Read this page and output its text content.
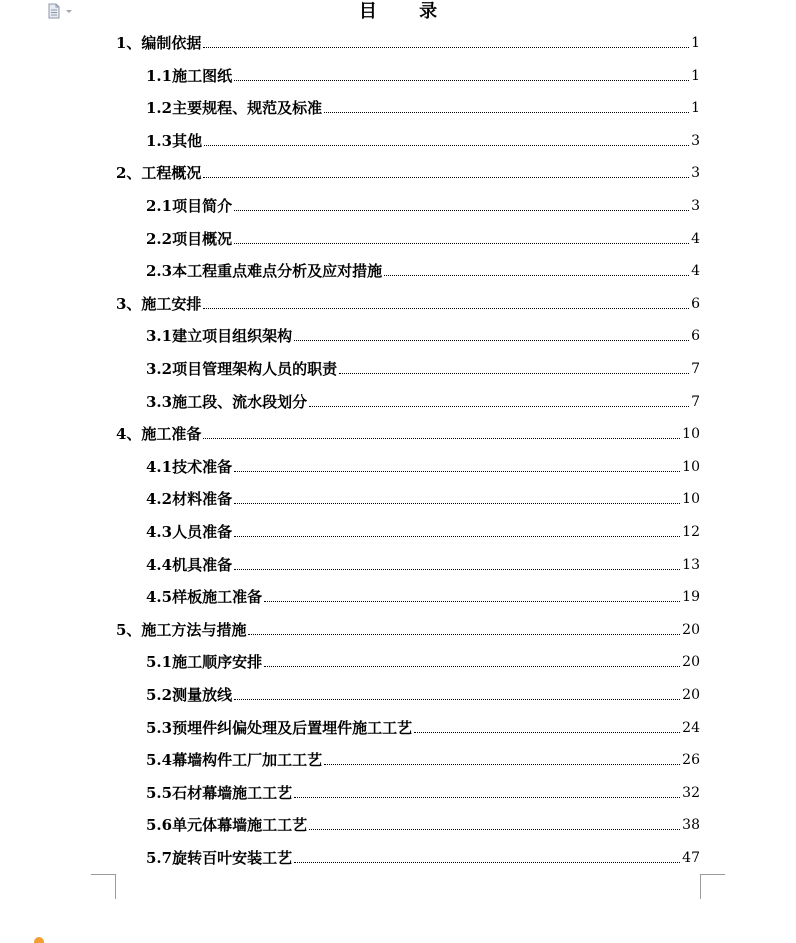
目 录
1、编制依据	1
1.1施工图纸	1
1.2主要规程、规范及标准	1
1.3其他	3
2、工程概况	3
2.1项目简介	3
2.2项目概况	4
2.3本工程重点难点分析及应对措施	4
3、施工安排	6
3.1建立项目组织架构	6
3.2项目管理架构人员的职责	7
3.3施工段、流水段划分	7
4、施工准备	10
4.1技术准备	10
4.2材料准备	10
4.3人员准备	12
4.4机具准备	13
4.5样板施工准备	19
5、施工方法与措施	20
5.1施工顺序安排	20
5.2测量放线	20
5.3预埋件纠偏处理及后置埋件施工工艺	24
5.4幕墙构件工厂加工工艺	26
5.5石材幕墙施工工艺	32
5.6单元体幕墙施工工艺	38
5.7旋转百叶安装工艺	47
